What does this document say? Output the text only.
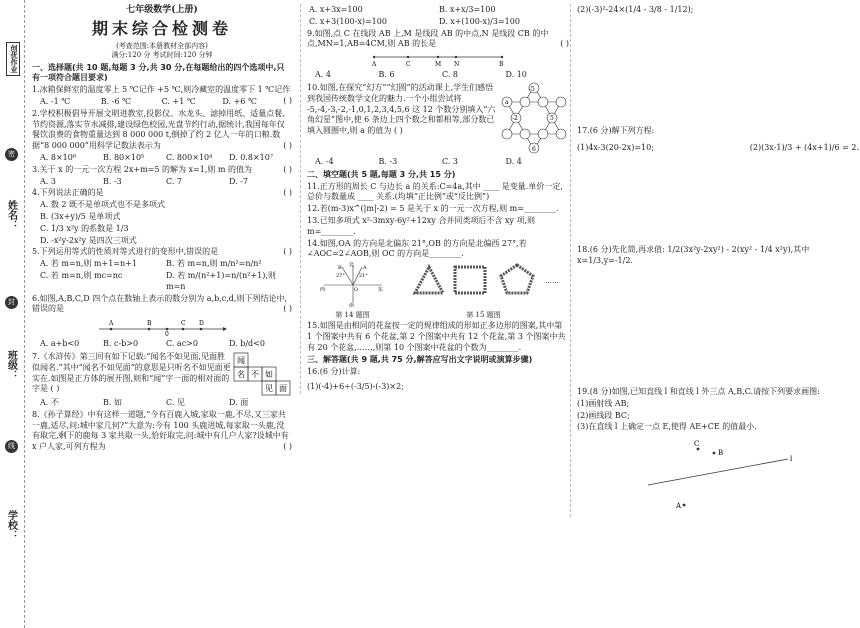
创优作业
密
姓名：
封
班级：
线
学校：
七年级数学(上册)
期末综合检测卷
(考查范围:本册教材全部内容)
满分:120 分 考试时间:120 分钟
一、选择题(共 10 题,每题 3 分,共 30 分,在每题给出的四个选项中,只有一项符合题目要求)
1.冰箱保鲜室的温度零上 5 ℃记作 +5 ℃,则冷藏室的温度零下 1 ℃记作
( )
A. -1 ℃	B. -6 ℃	C. +1 ℃	D. +6 ℃
2.学校积极倡导开展文明进教室,投影仪、水龙头、滤掉用纸、适量点餐,节约资源,落实节水减排,建设绿色校园,光盘节约行动,据统计,我国每年仅餐饮浪费的食物重量达到 8 000 000 t,倒掉了约 2 亿人一年的口粮.数据“8 000 000”用科学记数法表示为	( )
A. 8×10⁶	B. 80×10⁵	C. 800×10⁴	D. 0.8×10⁷
3.关于 x 的一元一次方程 2x+m=5 的解为 x=1,则 m 的值为	( )
A. 3	B. -3	C. 7	D. -7
4.下列说法正确的是	( )
A. 数 2 既不是单项式也不是多项式
B. (3x+y)/5 是单项式
C. 1/3 x²y 的系数是 1/3
D. -x²y-2x²y 是四次三项式
5.下列运用等式的性质对等式进行的变形中,错误的是	( )
A. 若 m=n,则 m+1=n+1	B. 若 m=n,则 m/n²=n/n²
C. 若 m=n,则 mc=nc	D. 若 m/(n²+1)=n/(n²+1),则 m=n
6.如图,A,B,C,D 四个点在数轴上表示的数分别为 a,b,c,d,则下列结论中,错误的是	( )
A	B	C D
0
A. a+b<0	B. c-b>0	C. ac>0	D. b/d<0
7.《水浒传》第三回有如下记载:“闻名不如见面,见面胜似闻名.”其中“闻名不如见面”的意思是只听名不如见面更实在.如图是正方体的展开图,则和“闻”字一面的相对面的字是 ( )
闻
名 不 如
见 面
A. 不	B. 如	C. 见	D. 面
8.《孙子算经》中有这样一道题,“今有百鹿入城,家取一鹿,不尽,又三家共一鹿,适尽,问:城中家几何?”大意为:今有 100 头鹿进城,每家取一头鹿,没有取完,剩下的鹿每 3 家共取一头,恰好取完,问:城中有几户人家?设城中有 x 户人家,可列方程为	( )
A. x+3x=100	B. x+x/3=100
C. x+3(100-x)=100	D. x+(100-x)/3=100
9.如图,点 C 在线段 AB 上,M 是线段 AB 的中点,N 是线段 CB 的中点,MN=1,AB=4CM,则 AB 的长是	( )
A	C	M N	B
A. 4	B. 6	C. 8	D. 10
10.如图,在探究“幻方”“幻圆”的活动课上,学生们感悟到我国传统数学文化的魅力.一个小组尝试将 -5,-4,-3,-2,-1,0,1,2,3,4,5,6 这 12 个数分别填入“六角幻星”图中,使 6 条边上四个数之和都相等,部分数已填入圆圈中,则 a 的值为 ( )
-5
a
-2	5
6
A. -4	B. -3	C. 3	D. 4
二、填空题(共 5 题,每题 3 分,共 15 分)
11.正方形的周长 C 与边长 a 的关系:C=4a,其中 ____ 是变量.单价一定,总价与数量成 ____ 关系.(均填“正比例”或“反比例”)
12.若(m-3)x^(|m|-2) = 5 是关于 x 的一元一次方程,则 m=________.
13.已知多项式 x²-3mxy-6y²+12xy 合并同类项后不含 xy 项,则 m=________.
14.如图,OA 的方向是北偏东 21°,OB 的方向是北偏西 27°,若∠AOC=2∠AOB,则 OC 的方向是________.
北
27°	21°
东
南
西	O
A
B
第 14 题图
……
第 15 题图
15.如图是由相同的花盆按一定的规律组成的形如正多边形的图案,其中第 1 个图案中共有 6 个花盆,第 2 个图案中共有 12 个花盆,第 3 个图案中共有 20 个花盆,……,则第 10 个图案中花盆的个数为________.
三、解答题(共 9 题,共 75 分,解答应写出文字说明或演算步骤)
16.(6 分)计算:
(1)(-4)+6÷(-3/5)-(-3)×2;
(2)(-3)²-24×(1/4 - 3/8 - 1/12);
17.(6 分)解下列方程:
(1)4x-3(20-2x)=10;	(2)(3x-1)/3 + (4x+1)/6 = 2.
18.(6 分)先化简,再求值: 1/2(3x²y-2xy²) - 2(xy² - 1/4 x²y),其中 x=1/3,y=-1/2.
19.(8 分)如图,已知直线 l 和直线 l 外三点 A,B,C.请按下列要求画图:
(1)画射线 AB;
(2)画线段 BC;
(3)在直线 l 上确定一点 E,使得 AE+CE 的值最小.
C
B
l
A
